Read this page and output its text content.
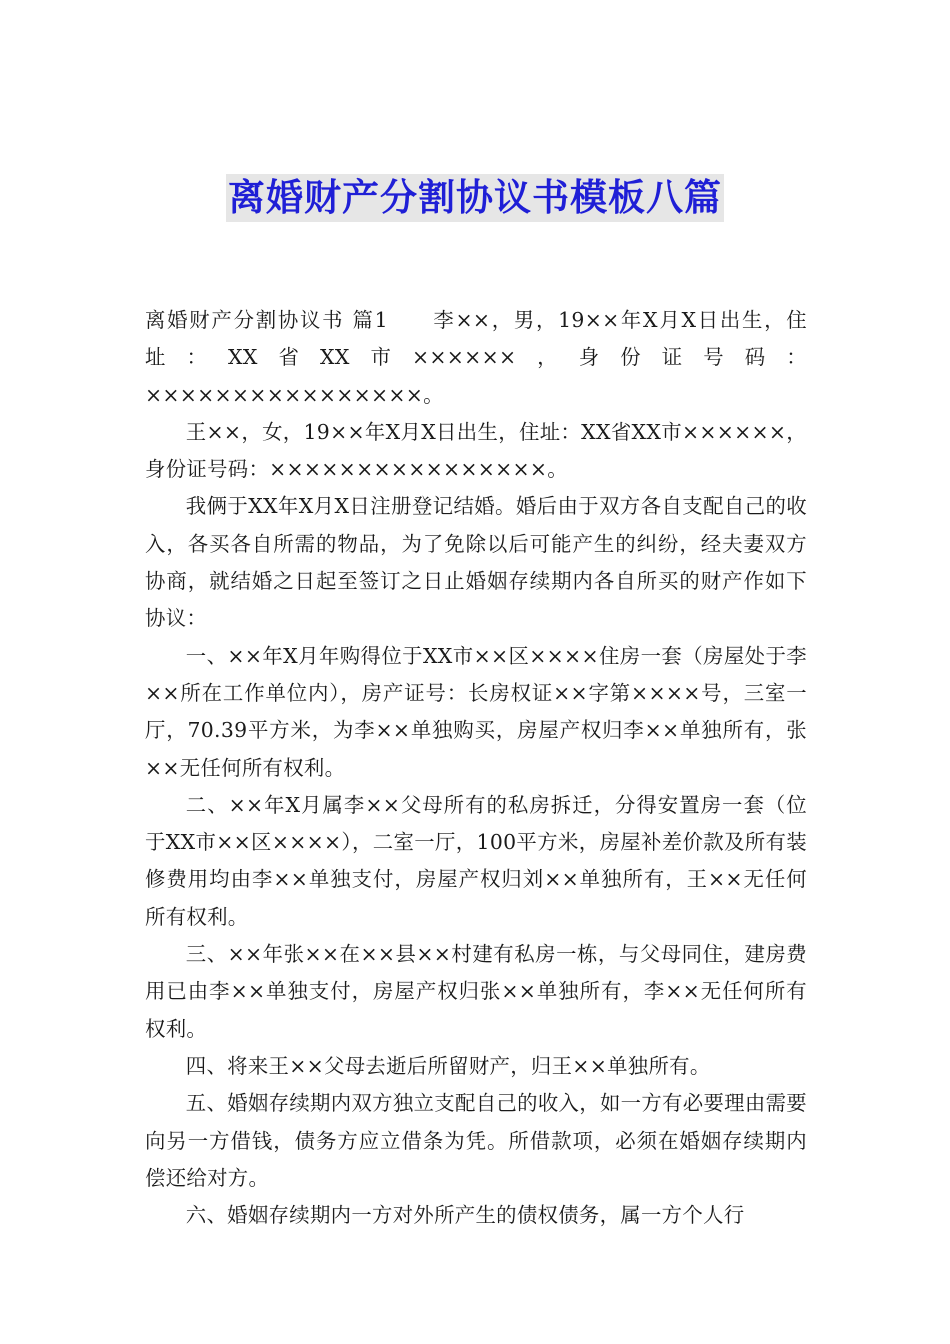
离婚财产分割协议书模板八篇

离婚财产分割协议书 篇1 李××，男，19××年X月X日出生，住址：XX省XX市××××××，身份证号码：××××××××××××××××。

王××，女，19××年X月X日出生，住址：XX省XX市××××××，身份证号码：××××××××××××××××。

我俩于XX年X月X日注册登记结婚。婚后由于双方各自支配自己的收入，各买各自所需的物品，为了免除以后可能产生的纠纷，经夫妻双方协商，就结婚之日起至签订之日止婚姻存续期内各自所买的财产作如下协议：

一、××年X月年购得位于XX市××区××××住房一套（房屋处于李××所在工作单位内），房产证号：长房权证××字第××××号，三室一厅，70.39平方米，为李××单独购买，房屋产权归李××单独所有，张××无任何所有权利。

二、××年X月属李××父母所有的私房拆迁，分得安置房一套（位于XX市××区××××），二室一厅，100平方米，房屋补差价款及所有装修费用均由李××单独支付，房屋产权归刘××单独所有，王××无任何所有权利。

三、××年张××在××县××村建有私房一栋，与父母同住，建房费用已由李××单独支付，房屋产权归张××单独所有，李××无任何所有权利。

四、将来王××父母去逝后所留财产，归王××单独所有。

五、婚姻存续期内双方独立支配自己的收入，如一方有必要理由需要向另一方借钱，债务方应立借条为凭。所借款项，必须在婚姻存续期内偿还给对方。

六、婚姻存续期内一方对外所产生的债权债务，属一方个人行
